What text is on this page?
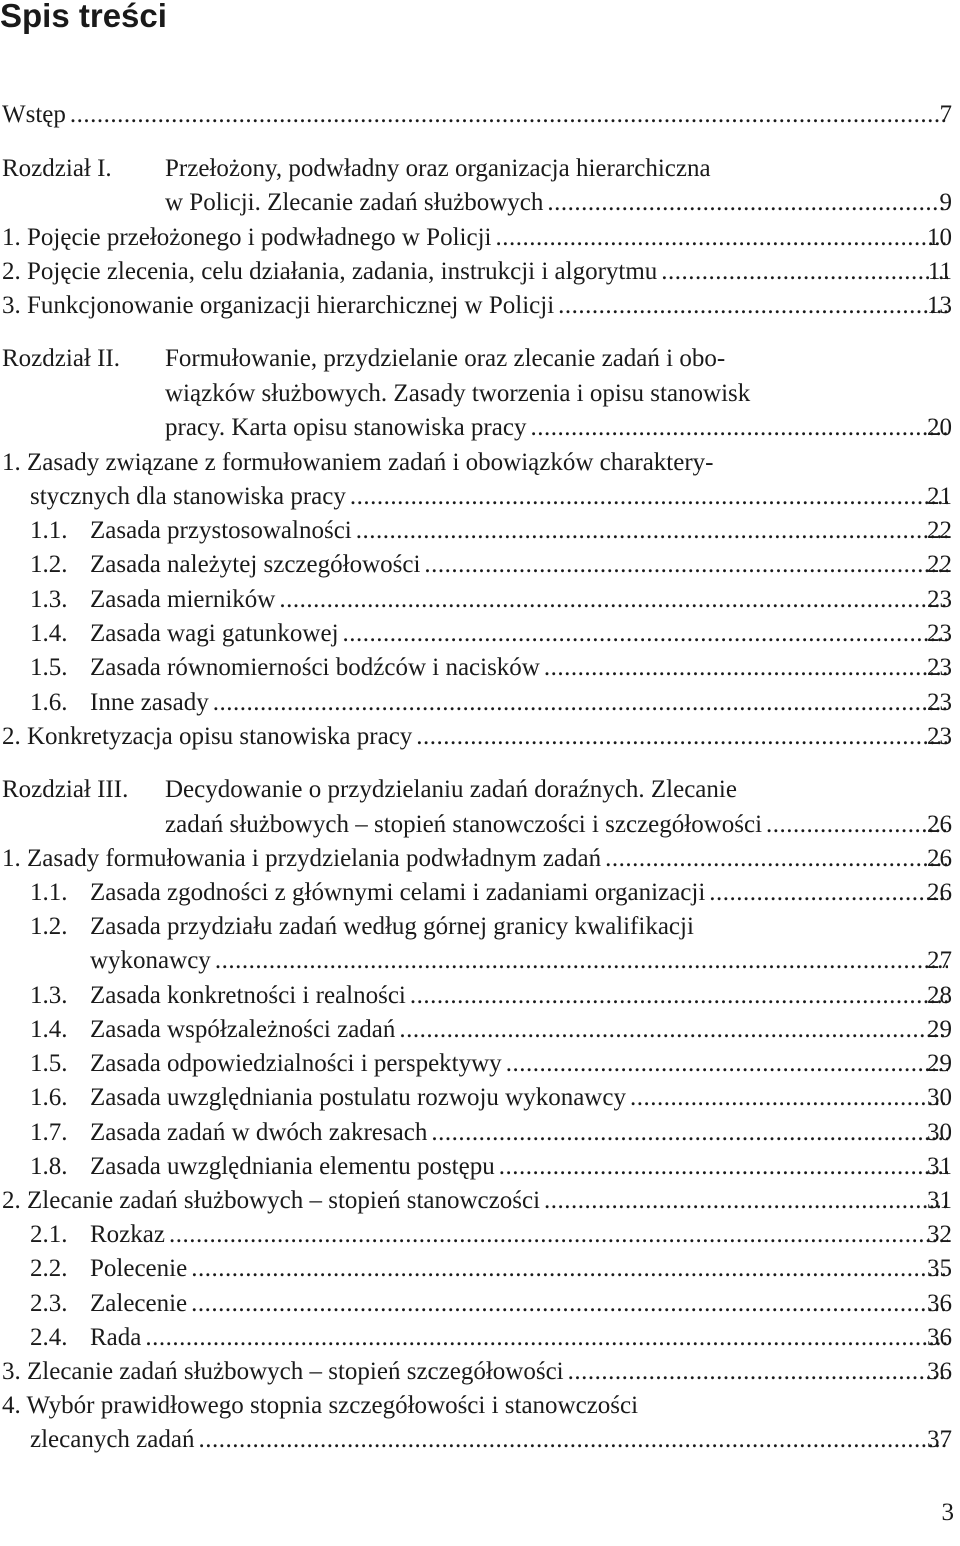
Spis treści
Wstęp .....	7
Rozdział I. Przełożony, podwładny oraz organizacja hierarchiczna
w Policji. Zlecanie zadań służbowych .....	9
1. Pojęcie przełożonego i podwładnego w Policji .....	10
2. Pojęcie zlecenia, celu działania, zadania, instrukcji i algorytmu .....	11
3. Funkcjonowanie organizacji hierarchicznej w Policji .....	13
Rozdział II. Formułowanie, przydzielanie oraz zlecanie zadań i obo-
wiązków służbowych. Zasady tworzenia i opisu stanowisk
pracy. Karta opisu stanowiska pracy .....	20
1. Zasady związane z formułowaniem zadań i obowiązków charaktery-
stycznych dla stanowiska pracy .....	21
1.1. Zasada przystosowalności .....	22
1.2. Zasada należytej szczegółowości .....	22
1.3. Zasada mierników .....	23
1.4. Zasada wagi gatunkowej .....	23
1.5. Zasada równomierności bodźców i nacisków .....	23
1.6. Inne zasady .....	23
2. Konkretyzacja opisu stanowiska pracy .....	23
Rozdział III. Decydowanie o przydzielaniu zadań doraźnych. Zlecanie
zadań służbowych – stopień stanowczości i szczegółowości .....	26
1. Zasady formułowania i przydzielania podwładnym zadań .....	26
1.1. Zasada zgodności z głównymi celami i zadaniami organizacji .....	26
1.2. Zasada przydziału zadań według górnej granicy kwalifikacji
wykonawcy .....	27
1.3. Zasada konkretności i realności .....	28
1.4. Zasada współzależności zadań .....	29
1.5. Zasada odpowiedzialności i perspektywy .....	29
1.6. Zasada uwzględniania postulatu rozwoju wykonawcy .....	30
1.7. Zasada zadań w dwóch zakresach .....	30
1.8. Zasada uwzględniania elementu postępu .....	31
2. Zlecanie zadań służbowych – stopień stanowczości .....	31
2.1. Rozkaz .....	32
2.2. Polecenie .....	35
2.3. Zalecenie .....	36
2.4. Rada .....	36
3. Zlecanie zadań służbowych – stopień szczegółowości .....	36
4. Wybór prawidłowego stopnia szczegółowości i stanowczości
zlecanych zadań .....	37
3
